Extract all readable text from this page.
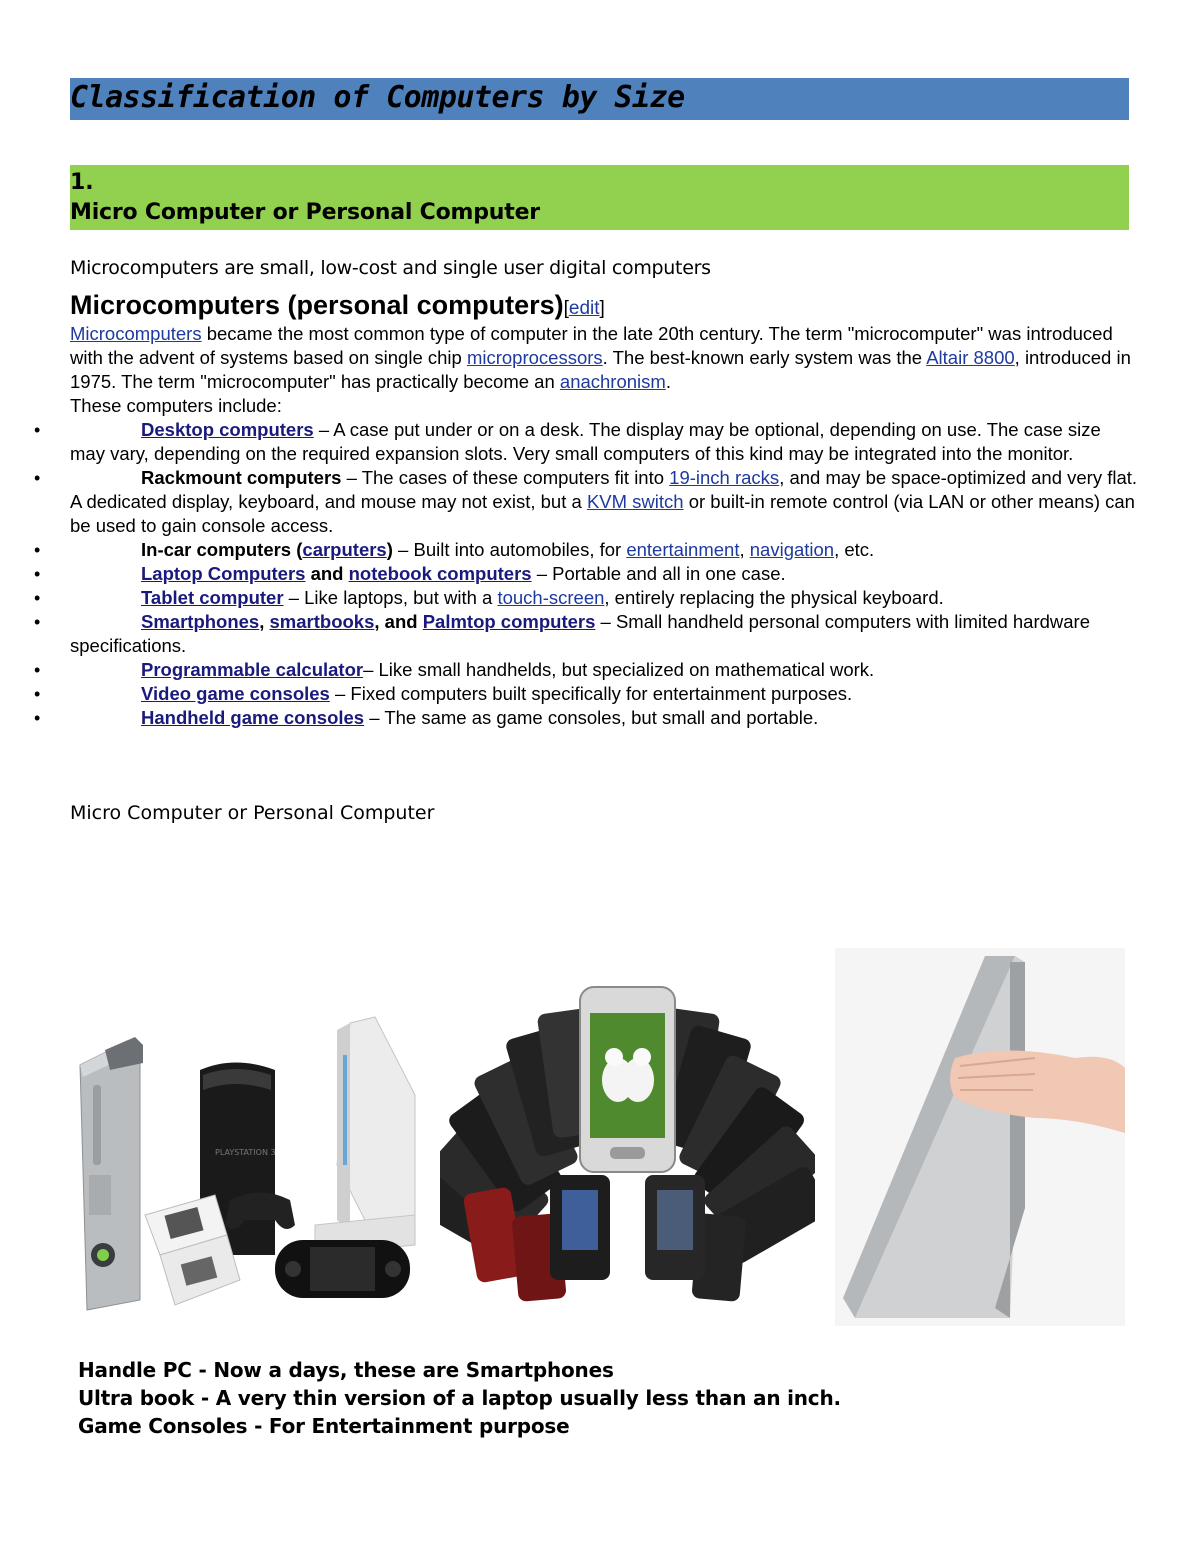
Classification of Computers by Size
1.
Micro Computer or Personal Computer
Microcomputers are small, low-cost and single user digital computers
Microcomputers (personal computers)[edit]

Microcomputers became the most common type of computer in the late 20th century. The term "microcomputer" was introduced with the advent of systems based on single chip microprocessors. The best-known early system was the Altair 8800, introduced in 1975. The term "microcomputer" has practically become an anachronism.

These computers include:

•	Desktop computers – A case put under or on a desk. The display may be optional, depending on use. The case size may vary, depending on the required expansion slots. Very small computers of this kind may be integrated into the monitor.
•	Rackmount computers – The cases of these computers fit into 19-inch racks, and may be space-optimized and very flat. A dedicated display, keyboard, and mouse may not exist, but a KVM switch or built-in remote control (via LAN or other means) can be used to gain console access.
•	In-car computers (carputers) – Built into automobiles, for entertainment, navigation, etc.
•	Laptop Computers and notebook computers – Portable and all in one case.
•	Tablet computer – Like laptops, but with a touch-screen, entirely replacing the physical keyboard.
•	Smartphones, smartbooks, and Palmtop computers – Small handheld personal computers with limited hardware specifications.
•	Programmable calculator– Like small handhelds, but specialized on mathematical work.
•	Video game consoles – Fixed computers built specifically for entertainment purposes.
•	Handheld game consoles – The same as game consoles, but small and portable.
Micro Computer or Personal Computer
PLAYSTATION 3
Handle PC - Now a days, these are Smartphones
Ultra book - A very thin version of a laptop usually less than an inch.
Game Consoles - For Entertainment purpose
